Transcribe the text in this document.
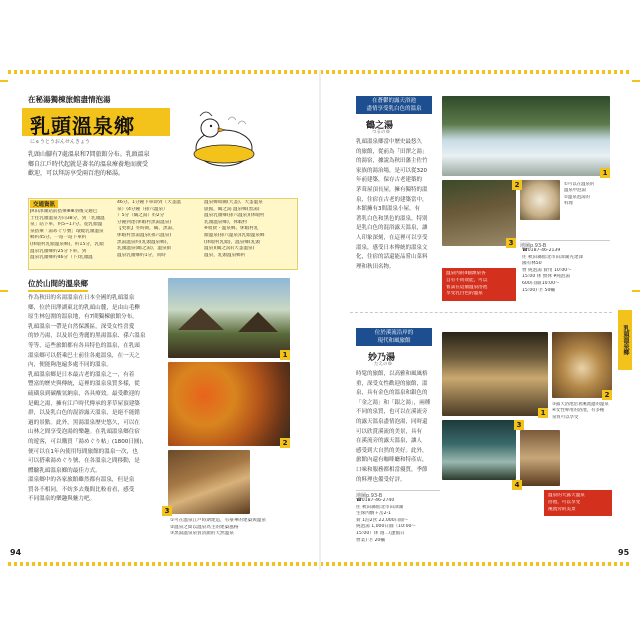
在秘湯獨棟旅館盡情泡湯
乳頭溫泉鄉
にゅうとうおんせんきょう
乳頭山腳有7處溫泉和7間旅館分布。乳頭溫泉
鄉自江戶時代起就是著名的溫泉療養地而廣受
歡迎，可以拜訪享受兩百泡的秘湯。
交通資訊
JR田澤湖站前搭乘⊕⊕羽後交通巴
士往乳頭溫泉方向38分，到「乳頭溫
泉」站下車，約5~17分。從乳頭溫
泉搭乘「湯めぐり號」環繞乳頭溫泉
鄉約45分。一站一站下車約
(休暇村乳頭溫泉鄉)，約15分，乳頭
溫泉乳頭鄉約25分下車，到
溫泉乳頭鄉約46分（下)乳頭溫
46分。1分鐘下車即到（大釜溫
泉）(4分鐘（孫六溫泉）
）5分（鶴之湯）約2分
分鐘到達(休暇村黑湯溫泉)
【更新】冬時期，鶴、黑湯、
休暇村黑湯溫泉(孫六溫泉)
黑湯溫泉約(乳頭溫泉鄉)，
乳頭溫泉(鶴之湯)，溫泉街
溫泉乳頭鄉約1分，同時
溫泉鄉如圖(大釜)、大釜溫泉
旅館，鶴之湯 溫泉鄉(黑湯)
溫泉乳頭鄉(孫六溫泉)(休暇村
乳頭溫泉鄉)，休暇村
※收費・溫泉鄉、休暇村乳
頭溫泉(孫六溫泉)(乳頭溫泉鄉
(休暇村乳頭)，溫泉鄉(乳頭
溫泉)(鶴之湯)(大釜溫泉)
溫泉，乳頭溫泉鄉約
位於山間的溫泉鄉
作為秋田的名湯溫泉在日本全國的乳頭溫泉
鄉，位於田澤湖東北的乳頭山麓，是由山毛櫸
原生林包圍的溫泉地，有7間獨棟旅館分布。
乳頭溫泉一帶是自然保護區，深受女性喜愛
的妙乃湯，以及景色秀麗的黑湯溫泉、孫六溫泉
等等，這些旅館都有各具特色的溫泉，在乳頭
溫泉鄉可以搭乘巴士前往各處溫泉，在一天之
內，便能夠泡遍多處不同的溫泉。
乳頭溫泉鄉是日本最古老的溫泉之一，有着
豐富的歷史與傳統，這裡的溫泉泉質多樣，從
硫磺泉到碳酸氫鈉泉，各具療效。最受歡迎的
是鶴之湯，擁有江戶時代傳承的茅草屋頂建築
群，以及乳白色的混浴露天溫泉，是絕不能錯
過的景點。此外，黑湯溫泉歷史悠久，可以在
山林之間享受泡湯的樂趣。在乳頭溫泉鄉住宿
的遊客，可以購買「湯めぐり帖」(1800日圓)，
便可以在1年內使用每間旅館的溫泉一次，也
可以搭乘湯めぐり號，在各溫泉之間移動，是
體驗乳頭溫泉鄉的最佳方式。
溫泉鄉中的各家旅館雖然都有溫泉，但是泉
質各不相同，不妨多去幾間比較看看，感受
不同溫泉的樂趣與魅力吧。
1
2
3
①可在溫泉江戶時期建造，有豪華的建築與溫泉
②溫泉之間以溫泉為主的建築風格
③黑湯溫泉泉質清澈的天然溫泉
94
在蒼鬱的露天浴池
盡情享受乳白色的溫泉
鶴之湯
つるのゆ
乳頭溫泉鄉當中歷史最悠久
的旅館，從前為「田澤之湯」
的湯宿，據說為秋田藩主佐竹
家族的湯治場，是可以從320
年前建築，保存古老建築的
茅葺屋頂長屋，擁有獨特的溫
泉，住宿在古老的建築當中，
本館擁有3間溫泉小屋，有
著乳白色和黑色的溫泉，特別
是乳白色的混浴露天溫泉，讓
人印象深刻，在這裡可以享受
溫泉，感受日本傳統的溫泉文
化，住宿的話還能品嘗山菜料
理和秋田名物。
1
3
2	①可以在溫泉的
溫泉中泡湯
②溫泉泡湯的
料理
地圖p.93-B
☎0187-46-2139
住 秋田縣仙北市田澤湖先達澤
國有林50
營 純泡湯 費用 10:00～
15:00 休 無休 ¥純泡湯
600日圓(10:00～
15:00) Ⓟ 50輛
溫泉內的4個源泉各
自有不同效能，可以
嘗試在這個溫泉浴池
享受乳白色的溫泉
位於溪流沿岸的
現代和風旅館
妙乃湯
たえのゆ
時髦的旅館，以高雅和風風格
重，深受女性歡迎的旅館，溫
泉，具有金色的溫泉和銀色的
「金之湯」和「銀之湯」，兩種
不同的泉質，也可以在溪流旁
的露天溫泉盡情泡湯，同時還
可以欣賞溪流的美景，具有
在溪流旁的露天溫泉，讓人
感受到大自然的美好。此外，
旅館內還有咖啡廳和特產店，
口味和服務都相當優質，季節
的料理也備受好評。
地圖p.93-B
☎0187-46-2740
住 秋田縣仙北市田澤湖
生保內駒ヶ岳2-1
費 1泊2食 22,000日圓～
純泡湯 1,000日圓（10:00～
15:00）休 週二(逢假日
營業) Ⓟ 20輛
1
2
③露天浴池沿著溪流邊的溫泉
④女性專用的浴池，有多種
泉質可以享受
3
4
溫泉的大露天溫泉
浴池，可以享受
溪流旁的美景
乳頭溫泉鄉
95
